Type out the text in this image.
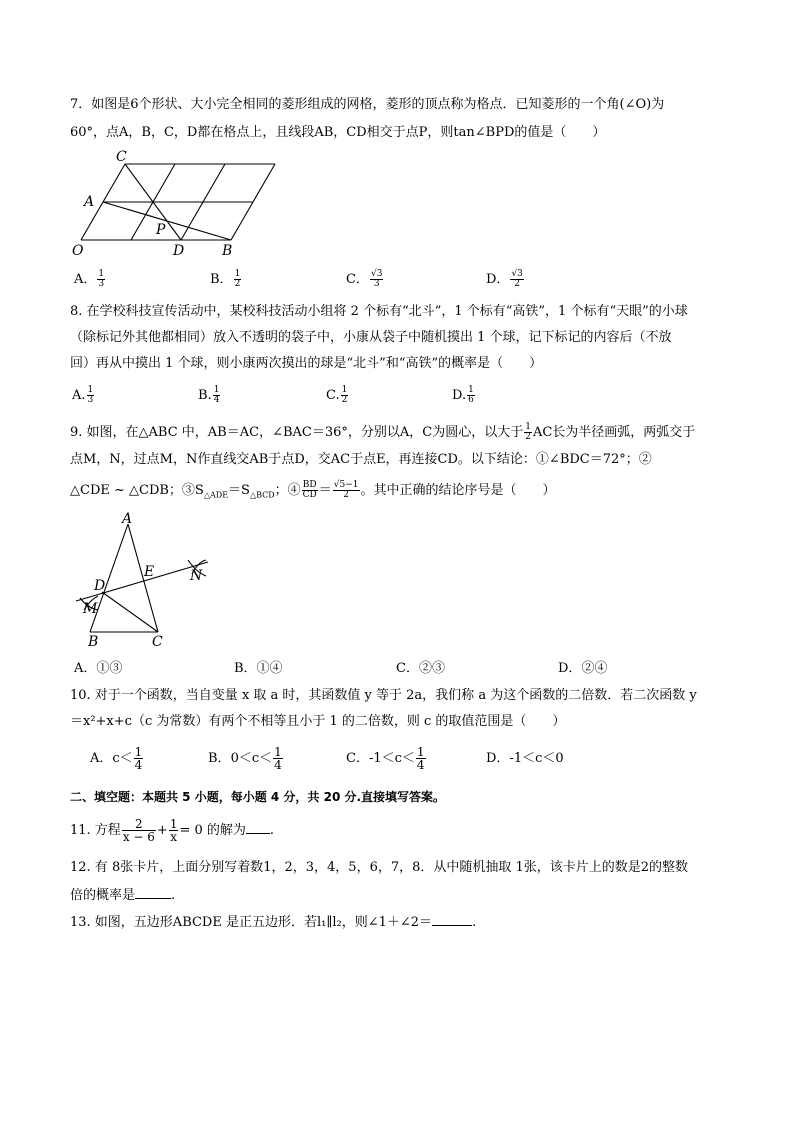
7．如图是6个形状、大小完全相同的菱形组成的网格，菱形的顶点称为格点．已知菱形的一个角(∠O)为
60°，点A，B，C，D都在格点上，且线段AB，CD相交于点P，则tan∠BPD的值是（　　）
C
A
P
O	D	B
A． $\frac{1}{3}$	B． $\frac{1}{2}$	C． $\frac{√3}{3}$	D． $\frac{√3}{2}$
8. 在学校科技宣传活动中，某校科技活动小组将 2 个标有“北斗”，1 个标有“高铁”，1 个标有“天眼”的小球
（除标记外其他都相同）放入不透明的袋子中，小康从袋子中随机摸出 1 个球，记下标记的内容后（不放
回）再从中摸出 1 个球，则小康两次摸出的球是“北斗”和“高铁”的概率是（　　）
A. $\frac{1}{3}$	B. $\frac{1}{4}$	C. $\frac{1}{2}$	D. $\frac{1}{6}$
9. 如图，在△ABC 中，AB＝AC，∠BAC＝36°，分别以A，C为圆心，以大于 $\frac{1}{2}$ AC长为半径画弧，两弧交于
点M，N，过点M，N作直线交AB于点D，交AC于点E，再连接CD。以下结论：①∠BDC＝72°；②
△CDE ~ △CDB；$③S_{\triangle ADE}=S_{\triangle BCD}$；④ $\frac{BD}{CD} = \frac{√5-1}{2}$ 。其中正确的结论序号是（　　）
A
E	N
D
M
B	C
A．①③	B．①④	C．②③	D．②④
10. 对于一个函数，当自变量 x 取 a 时，其函数值 y 等于 2a，我们称 a 为这个函数的二倍数．若二次函数 y
＝x²+x+c（c 为常数）有两个不相等且小于 1 的二倍数，则 c 的取值范围是（　　）
A．$c< \frac{1}{4}$	B．$0<c< \frac{1}{4}$	C．$-1<c< \frac{1}{4}$	D．-1＜c＜0
二、填空题：本题共 5 小题，每小题 4 分，共 20 分.直接填写答案。
11. 方程 $\frac{2}{x - 6} + \frac{1}{x} = 0$ 的解为 .
12. 有 8张卡片，上面分别写着数1，2，3，4，5，6，7，8．从中随机抽取 1张，该卡片上的数是2的整数
倍的概率是	.
13. 如图，五边形ABCDE 是正五边形．若l₁∥l₂，则∠1＋∠2＝	.
